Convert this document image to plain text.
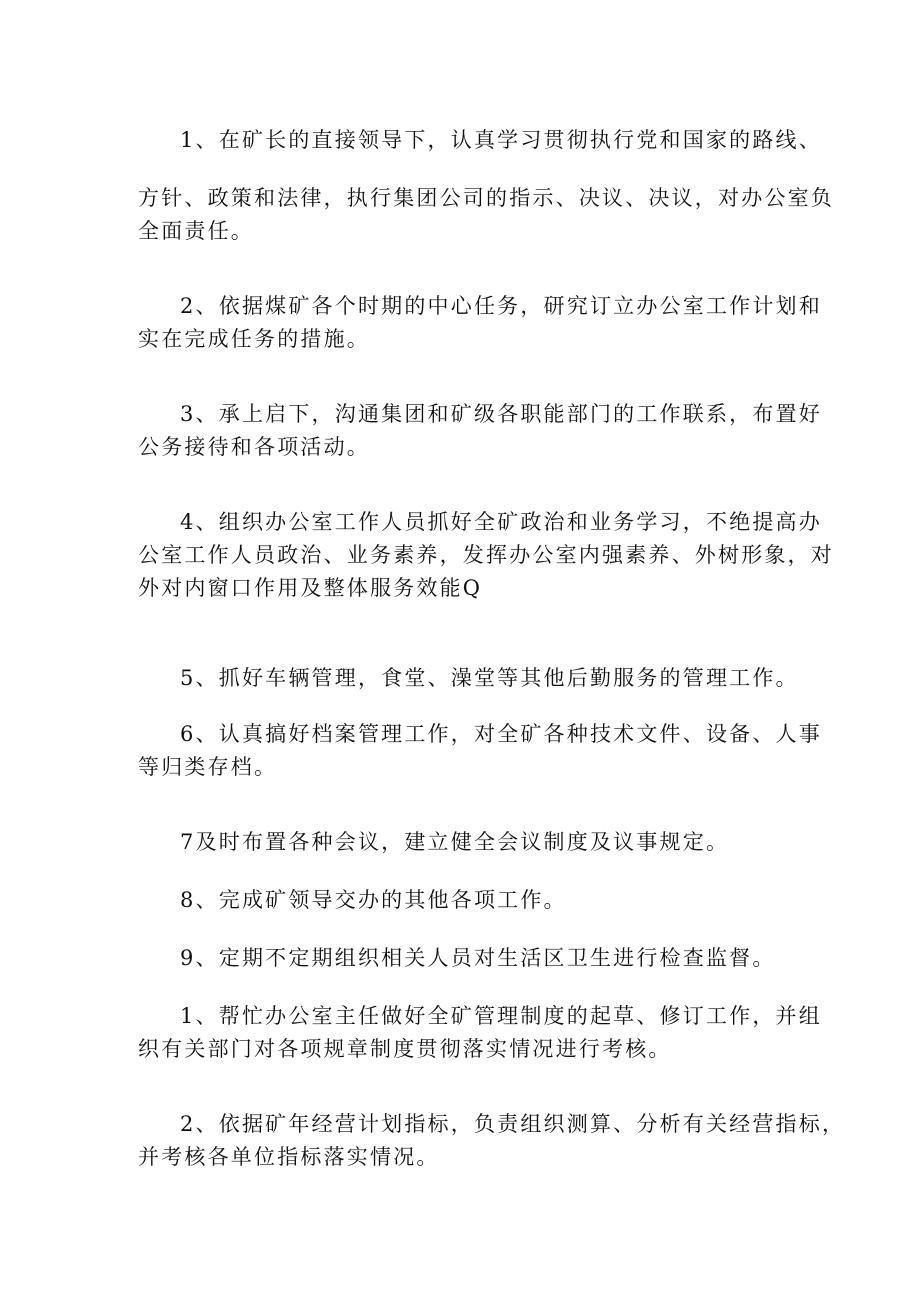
1、在矿长的直接领导下，认真学习贯彻执行党和国家的路线、

方针、政策和法律，执行集团公司的指示、决议、决议，对办公室负
全面责任。

2、依据煤矿各个时期的中心任务，研究订立办公室工作计划和
实在完成任务的措施。

3、承上启下，沟通集团和矿级各职能部门的工作联系，布置好
公务接待和各项活动。

4、组织办公室工作人员抓好全矿政治和业务学习，不绝提高办
公室工作人员政治、业务素养，发挥办公室内强素养、外树形象，对
外对内窗口作用及整体服务效能Q

5、抓好车辆管理，食堂、澡堂等其他后勤服务的管理工作。

6、认真搞好档案管理工作，对全矿各种技术文件、设备、人事
等归类存档。

7及时布置各种会议，建立健全会议制度及议事规定。

8、完成矿领导交办的其他各项工作。

9、定期不定期组织相关人员对生活区卫生进行检查监督。

1、帮忙办公室主任做好全矿管理制度的起草、修订工作，并组
织有关部门对各项规章制度贯彻落实情况进行考核。

2、依据矿年经营计划指标，负责组织测算、分析有关经营指标，
并考核各单位指标落实情况。
